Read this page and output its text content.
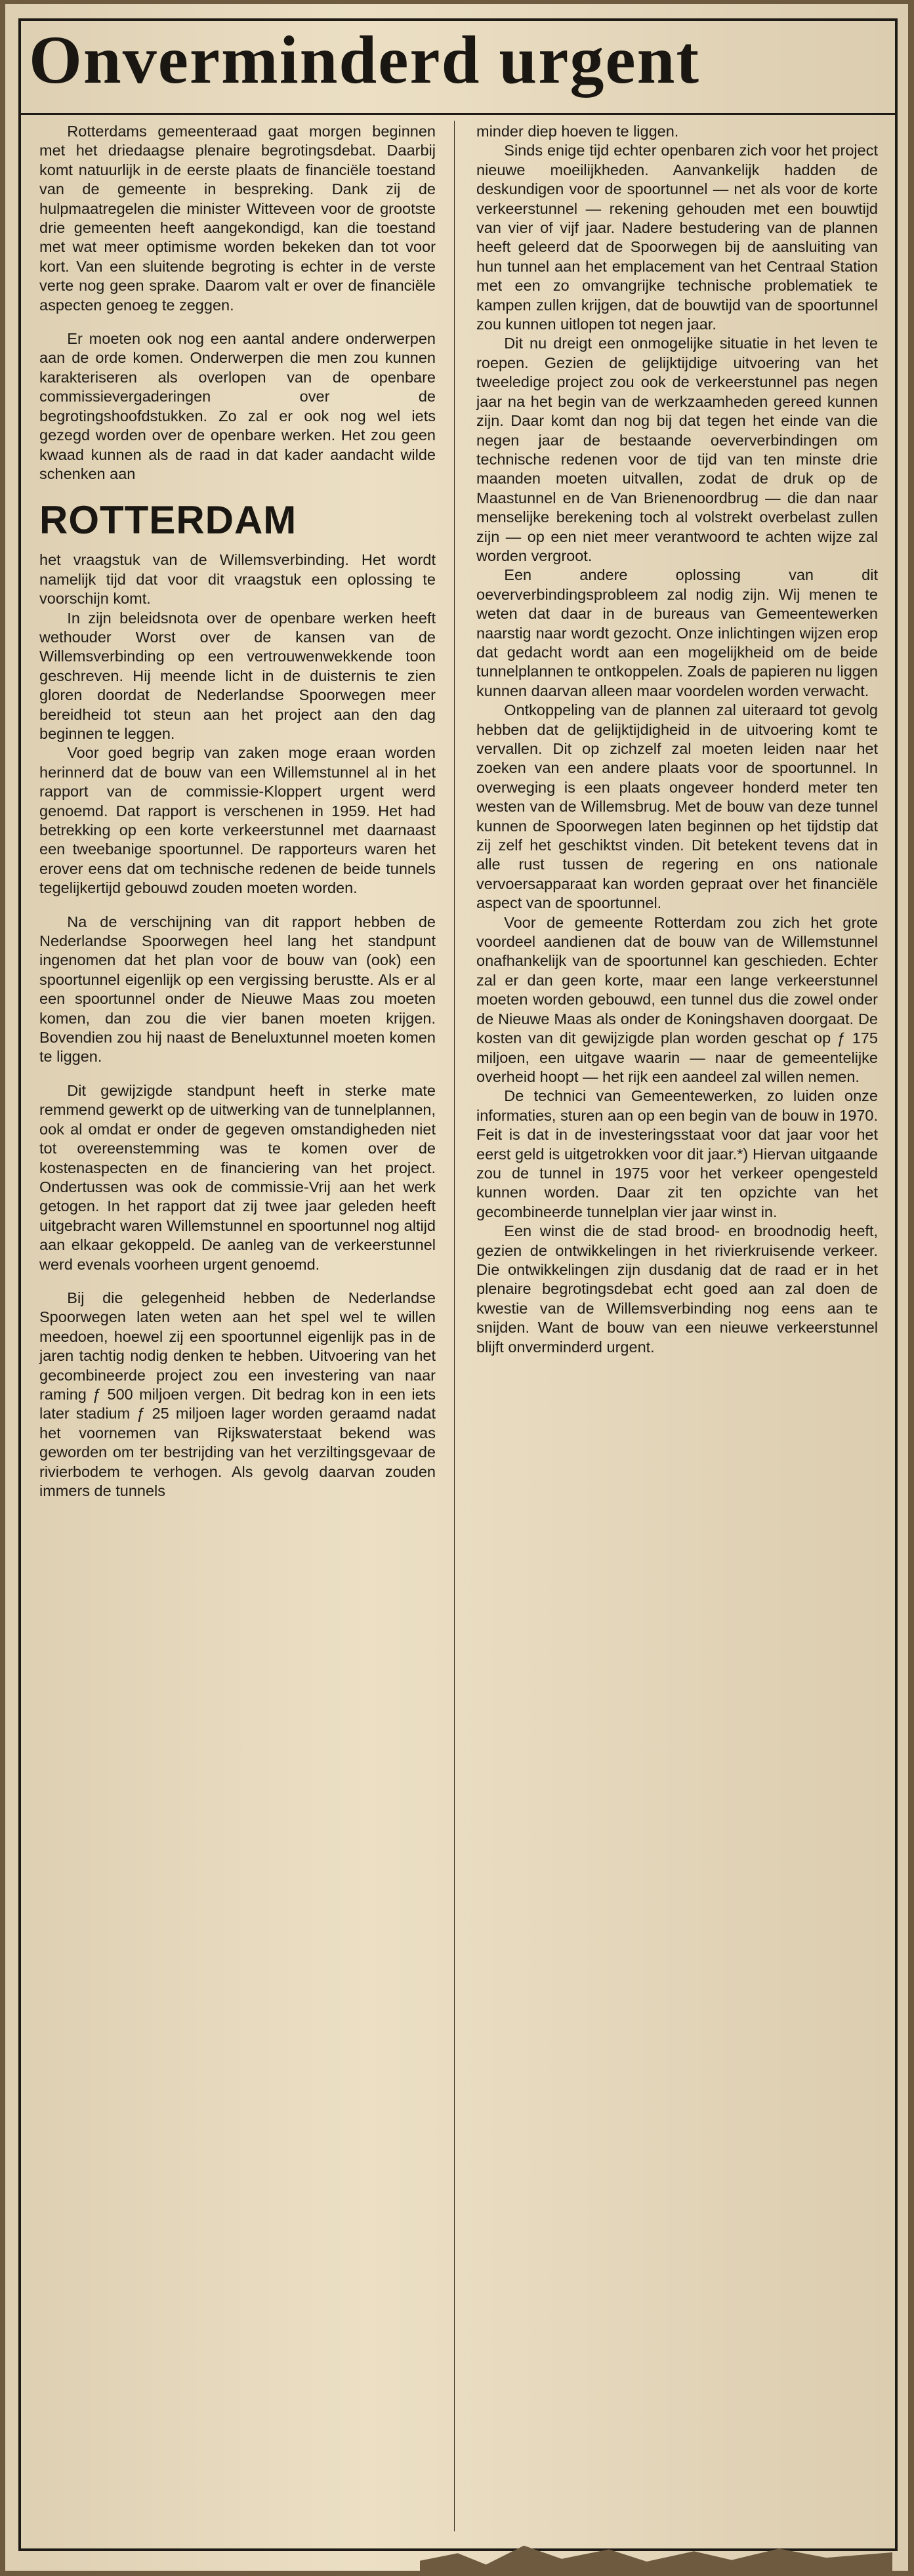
Onverminderd urgent

Rotterdams gemeenteraad gaat morgen beginnen met het driedaagse plenaire begrotingsdebat. Daarbij komt natuurlijk in de eerste plaats de financiële toestand van de gemeente in bespreking. Dank zij de hulpmaatregelen die minister Witteveen voor de grootste drie gemeenten heeft aangekondigd, kan die toestand met wat meer optimisme worden bekeken dan tot voor kort. Van een sluitende begroting is echter in de verste verte nog geen sprake. Daarom valt er over de financiële aspecten genoeg te zeggen.

Er moeten ook nog een aantal andere onderwerpen aan de orde komen. Onderwerpen die men zou kunnen karakteriseren als overlopen van de openbare commissievergaderingen over de begrotingshoofdstukken. Zo zal er ook nog wel iets gezegd worden over de openbare werken. Het zou geen kwaad kunnen als de raad in dat kader aandacht wilde schenken aan

ROTTERDAM

het vraagstuk van de Willemsverbinding. Het wordt namelijk tijd dat voor dit vraagstuk een oplossing te voorschijn komt.

In zijn beleidsnota over de openbare werken heeft wethouder Worst over de kansen van de Willemsverbinding op een vertrouwenwekkende toon geschreven. Hij meende licht in de duisternis te zien gloren doordat de Nederlandse Spoorwegen meer bereidheid tot steun aan het project aan den dag beginnen te leggen.

Voor goed begrip van zaken moge eraan worden herinnerd dat de bouw van een Willemstunnel al in het rapport van de commissie-Kloppert urgent werd genoemd. Dat rapport is verschenen in 1959. Het had betrekking op een korte verkeerstunnel met daarnaast een tweebanige spoortunnel. De rapporteurs waren het erover eens dat om technische redenen de beide tunnels tegelijkertijd gebouwd zouden moeten worden.

Na de verschijning van dit rapport hebben de Nederlandse Spoorwegen heel lang het standpunt ingenomen dat het plan voor de bouw van (ook) een spoortunnel eigenlijk op een vergissing berustte. Als er al een spoortunnel onder de Nieuwe Maas zou moeten komen, dan zou die vier banen moeten krijgen. Bovendien zou hij naast de Beneluxtunnel moeten komen te liggen.

Dit gewijzigde standpunt heeft in sterke mate remmend gewerkt op de uitwerking van de tunnelplannen, ook al omdat er onder de gegeven omstandigheden niet tot overeenstemming was te komen over de kostenaspecten en de financiering van het project. Ondertussen was ook de commissie-Vrij aan het werk getogen. In het rapport dat zij twee jaar geleden heeft uitgebracht waren Willemstunnel en spoortunnel nog altijd aan elkaar gekoppeld. De aanleg van de verkeerstunnel werd evenals voorheen urgent genoemd.

Bij die gelegenheid hebben de Nederlandse Spoorwegen laten weten aan het spel wel te willen meedoen, hoewel zij een spoortunnel eigenlijk pas in de jaren tachtig nodig denken te hebben. Uitvoering van het gecombineerde project zou een investering van naar raming ƒ 500 miljoen vergen. Dit bedrag kon in een iets later stadium ƒ 25 miljoen lager worden geraamd nadat het voornemen van Rijkswaterstaat bekend was geworden om ter bestrijding van het verziltingsgevaar de rivierbodem te verhogen. Als gevolg daarvan zouden immers de tunnels

minder diep hoeven te liggen.

Sinds enige tijd echter openbaren zich voor het project nieuwe moeilijkheden. Aanvankelijk hadden de deskundigen voor de spoortunnel — net als voor de korte verkeerstunnel — rekening gehouden met een bouwtijd van vier of vijf jaar. Nadere bestudering van de plannen heeft geleerd dat de Spoorwegen bij de aansluiting van hun tunnel aan het emplacement van het Centraal Station met een zo omvangrijke technische problematiek te kampen zullen krijgen, dat de bouwtijd van de spoortunnel zou kunnen uitlopen tot negen jaar.

Dit nu dreigt een onmogelijke situatie in het leven te roepen. Gezien de gelijktijdige uitvoering van het tweeledige project zou ook de verkeerstunnel pas negen jaar na het begin van de werkzaamheden gereed kunnen zijn. Daar komt dan nog bij dat tegen het einde van die negen jaar de bestaande oeververbindingen om technische redenen voor de tijd van ten minste drie maanden moeten uitvallen, zodat de druk op de Maastunnel en de Van Brienenoordbrug — die dan naar menselijke berekening toch al volstrekt overbelast zullen zijn — op een niet meer verantwoord te achten wijze zal worden vergroot.

Een andere oplossing van dit oeververbindingsprobleem zal nodig zijn. Wij menen te weten dat daar in de bureaus van Gemeentewerken naarstig naar wordt gezocht. Onze inlichtingen wijzen erop dat gedacht wordt aan een mogelijkheid om de beide tunnelplannen te ontkoppelen. Zoals de papieren nu liggen kunnen daarvan alleen maar voordelen worden verwacht.

Ontkoppeling van de plannen zal uiteraard tot gevolg hebben dat de gelijktijdigheid in de uitvoering komt te vervallen. Dit op zichzelf zal moeten leiden naar het zoeken van een andere plaats voor de spoortunnel. In overweging is een plaats ongeveer honderd meter ten westen van de Willemsbrug. Met de bouw van deze tunnel kunnen de Spoorwegen laten beginnen op het tijdstip dat zij zelf het geschiktst vinden. Dit betekent tevens dat in alle rust tussen de regering en ons nationale vervoersapparaat kan worden gepraat over het financiële aspect van de spoortunnel.

Voor de gemeente Rotterdam zou zich het grote voordeel aandienen dat de bouw van de Willemstunnel onafhankelijk van de spoortunnel kan geschieden. Echter zal er dan geen korte, maar een lange verkeerstunnel moeten worden gebouwd, een tunnel dus die zowel onder de Nieuwe Maas als onder de Koningshaven doorgaat. De kosten van dit gewijzigde plan worden geschat op ƒ 175 miljoen, een uitgave waarin — naar de gemeentelijke overheid hoopt — het rijk een aandeel zal willen nemen.

De technici van Gemeentewerken, zo luiden onze informaties, sturen aan op een begin van de bouw in 1970. Feit is dat in de investeringsstaat voor dat jaar voor het eerst geld is uitgetrokken voor dit jaar.*) Hiervan uitgaande zou de tunnel in 1975 voor het verkeer opengesteld kunnen worden. Daar zit ten opzichte van het gecombineerde tunnelplan vier jaar winst in.

Een winst die de stad brood- en broodnodig heeft, gezien de ontwikkelingen in het rivierkruisende verkeer. Die ontwikkelingen zijn dusdanig dat de raad er in het plenaire begrotingsdebat echt goed aan zal doen de kwestie van de Willemsverbinding nog eens aan te snijden. Want de bouw van een nieuwe verkeerstunnel blijft onverminderd urgent.
